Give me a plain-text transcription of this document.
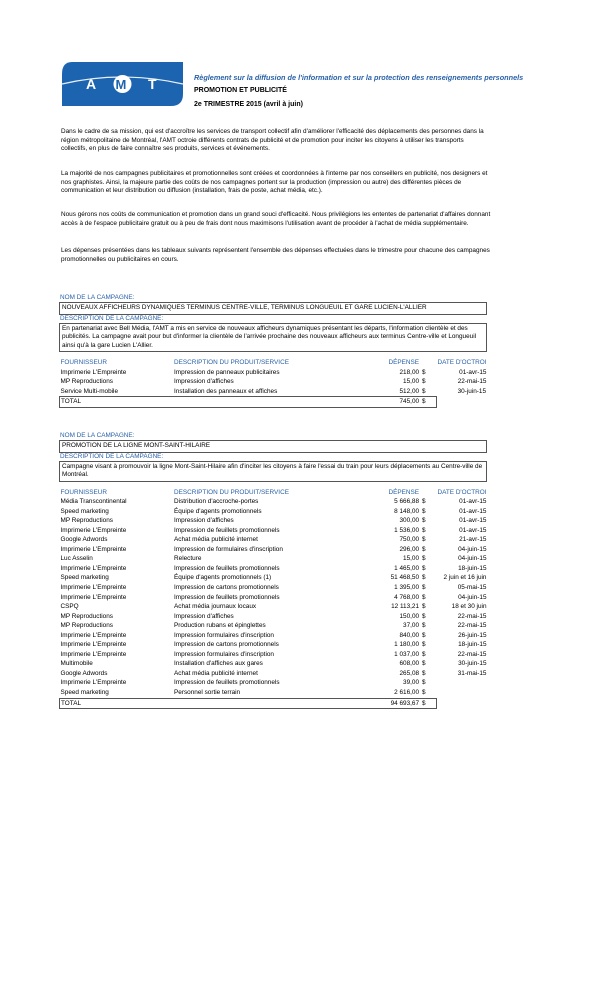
A M T	Règlement sur la diffusion de l'information et sur la protection des renseignements personnels
PROMOTION ET PUBLICITÉ
2e TRIMESTRE 2015 (avril à juin)
Dans le cadre de sa mission, qui est d'accroître les services de transport collectif afin d'améliorer l'efficacité des déplacements des personnes dans la région métropolitaine de Montréal, l'AMT octroie différents contrats de publicité et de promotion pour inciter les citoyens à utiliser les transports collectifs, en plus de faire connaître ses produits, services et événements.
La majorité de nos campagnes publicitaires et promotionnelles sont créées et coordonnées à l'interne par nos conseillers en publicité, nos designers et nos graphistes. Ainsi, la majeure partie des coûts de nos campagnes portent sur la production (impression ou autre) des différentes pièces de communication et leur distribution ou diffusion (installation, frais de poste, achat média, etc.).
Nous gérons nos coûts de communication et promotion dans un grand souci d'efficacité. Nous privilégions les ententes de partenariat d'affaires donnant accès à de l'espace publicitaire gratuit ou à peu de frais dont nous maximisons l'utilisation avant de procéder à l'achat de média supplémentaire.
Les dépenses présentées dans les tableaux suivants représentent l'ensemble des dépenses effectuées dans le trimestre pour chacune des campagnes promotionnelles ou publicitaires en cours.
NOM DE LA CAMPAGNE:
NOUVEAUX AFFICHEURS DYNAMIQUES TERMINUS CENTRE-VILLE, TERMINUS LONGUEUIL ET GARE LUCIEN-L'ALLIER
DESCRIPTION DE LA CAMPAGNE:
En partenariat avec Bell Média, l'AMT a mis en service de nouveaux afficheurs dynamiques présentant les départs, l'information clientèle et des publicités. La campagne avait pour but d'informer la clientèle de l'arrivée prochaine des nouveaux afficheurs aux terminus Centre-ville et Longueuil ainsi qu'à la gare Lucien L'Allier.
FOURNISSEUR	DESCRIPTION DU PRODUIT/SERVICE	DÉPENSE		DATE D'OCTROI
Imprimerie L'Empreinte	Impression de panneaux publicitaires	218,00	$	01-avr-15
MP Reproductions	Impression d'affiches	15,00	$	22-mai-15
Service Multi-mobile	Installation des panneaux et affiches	512,00	$	30-juin-15
TOTAL		745,00	$	
NOM DE LA CAMPAGNE:
PROMOTION DE LA LIGNE MONT-SAINT-HILAIRE
DESCRIPTION DE LA CAMPAGNE:
Campagne visant à promouvoir la ligne Mont-Saint-Hilaire afin d'inciter les citoyens à faire l'essai du train pour leurs déplacements au Centre-ville de Montréal.
FOURNISSEUR	DESCRIPTION DU PRODUIT/SERVICE	DÉPENSE		DATE D'OCTROI
Média Transcontinental	Distribution d'accroche-portes	5 666,88	$	01-avr-15
Speed marketing	Équipe d'agents promotionnels	8 148,00	$	01-avr-15
MP Reproductions	Impression d'affiches	300,00	$	01-avr-15
Imprimerie L'Empreinte	Impression de feuillets promotionnels	1 536,00	$	01-avr-15
Google Adwords	Achat média publicité internet	750,00	$	21-avr-15
Imprimerie L'Empreinte	Impression de formulaires d'inscription	296,00	$	04-juin-15
Luc Asselin	Relecture	15,00	$	04-juin-15
Imprimerie L'Empreinte	Impression de feuillets promotionnels	1 465,00	$	18-juin-15
Speed marketing	Équipe d'agents promotionnels (1)	51 468,50	$	2 juin et 16 juin
Imprimerie L'Empreinte	Impression de cartons promotionnels	1 395,00	$	05-mai-15
Imprimerie L'Empreinte	Impression de feuillets promotionnels	4 768,00	$	04-juin-15
CSPQ	Achat média journaux locaux	12 113,21	$	18 et 30 juin
MP Reproductions	Impression d'affiches	150,00	$	22-mai-15
MP Reproductions	Production rubans et épinglettes	37,00	$	22-mai-15
Imprimerie L'Empreinte	Impression formulaires d'inscription	840,00	$	26-juin-15
Imprimerie L'Empreinte	Impression de cartons promotionnels	1 180,00	$	18-juin-15
Imprimerie L'Empreinte	Impression formulaires d'inscription	1 037,00	$	22-mai-15
Multimobile	Installation d'affiches aux gares	608,00	$	30-juin-15
Google Adwords	Achat média publicité internet	265,08	$	31-mai-15
Imprimerie L'Empreinte	Impression de feuillets promotionnels	39,00	$	
Speed marketing	Personnel sortie terrain	2 616,00	$	
TOTAL		94 693,67	$	
